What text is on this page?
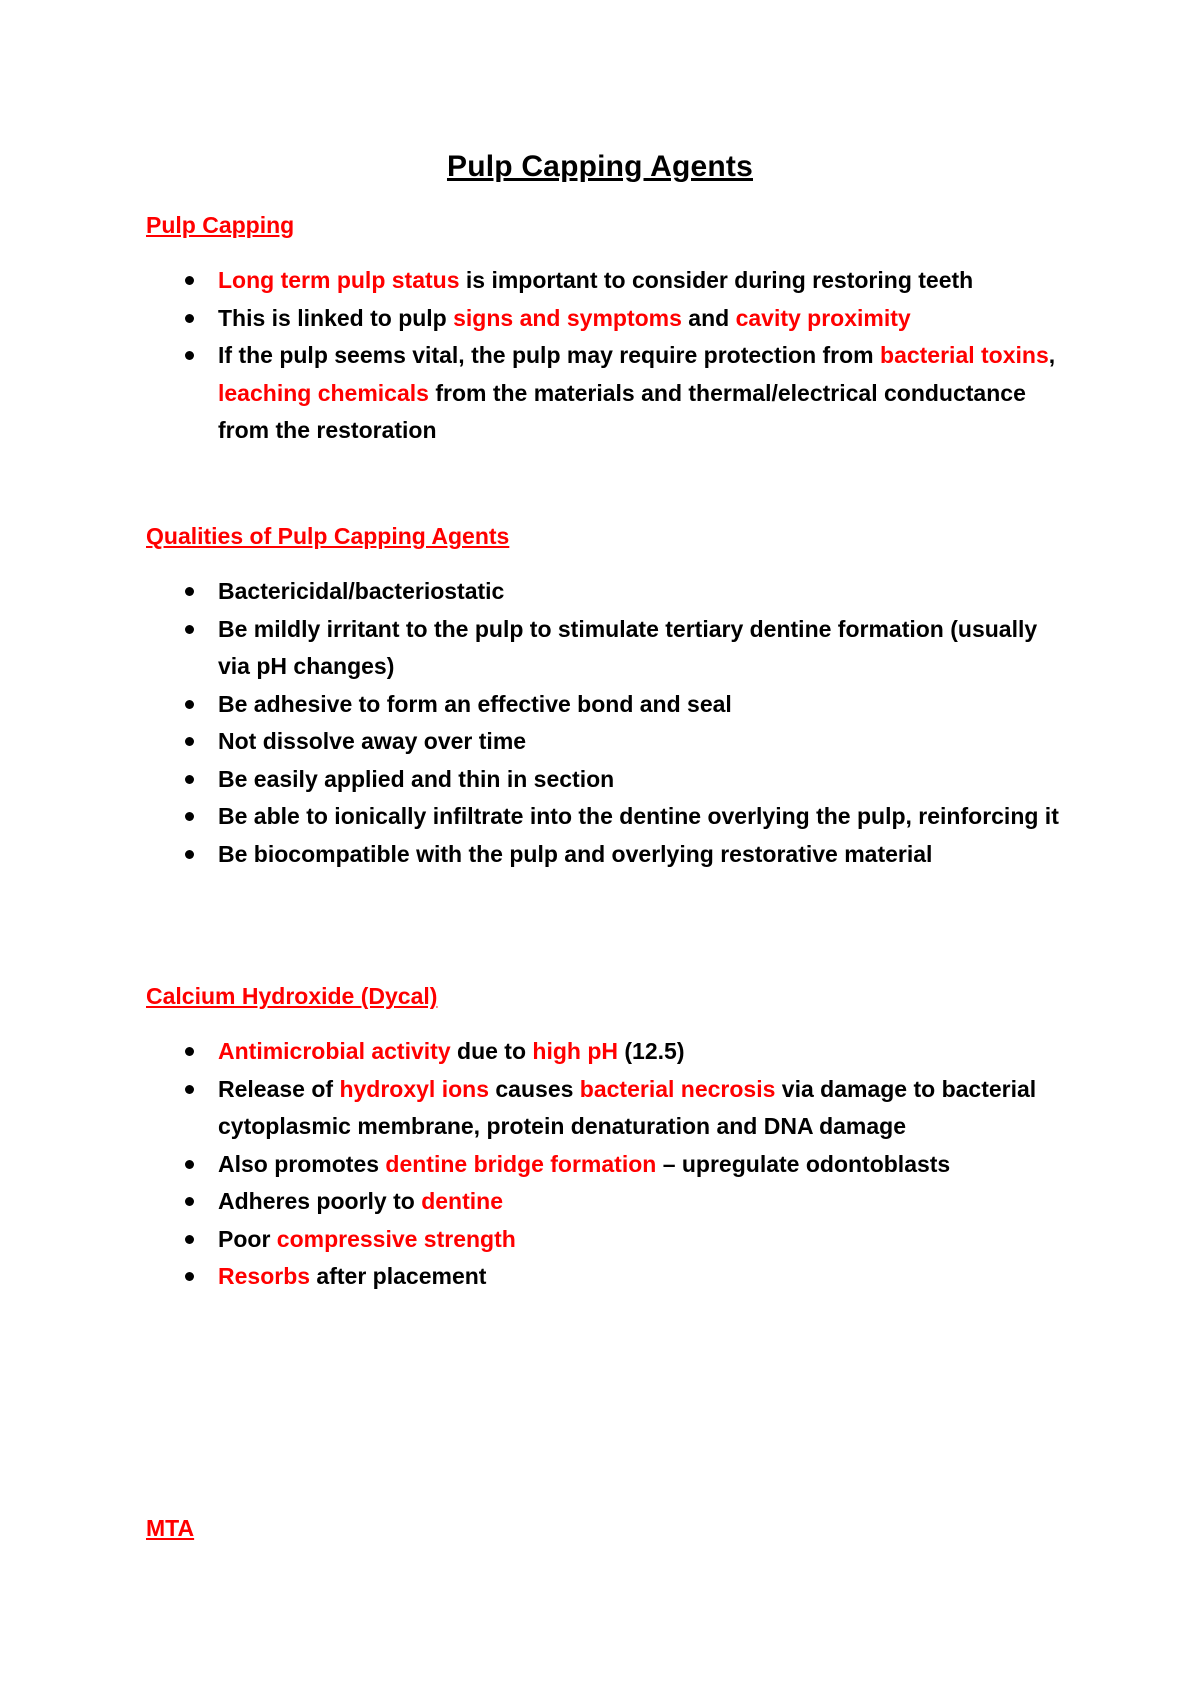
Pulp Capping Agents
Pulp Capping
Long term pulp status is important to consider during restoring teeth
This is linked to pulp signs and symptoms and cavity proximity
If the pulp seems vital, the pulp may require protection from bacterial toxins, leaching chemicals from the materials and thermal/electrical conductance from the restoration
Qualities of Pulp Capping Agents
Bactericidal/bacteriostatic
Be mildly irritant to the pulp to stimulate tertiary dentine formation (usually via pH changes)
Be adhesive to form an effective bond and seal
Not dissolve away over time
Be easily applied and thin in section
Be able to ionically infiltrate into the dentine overlying the pulp, reinforcing it
Be biocompatible with the pulp and overlying restorative material
Calcium Hydroxide (Dycal)
Antimicrobial activity due to high pH (12.5)
Release of hydroxyl ions causes bacterial necrosis via damage to bacterial cytoplasmic membrane, protein denaturation and DNA damage
Also promotes dentine bridge formation – upregulate odontoblasts
Adheres poorly to dentine
Poor compressive strength
Resorbs after placement
MTA
